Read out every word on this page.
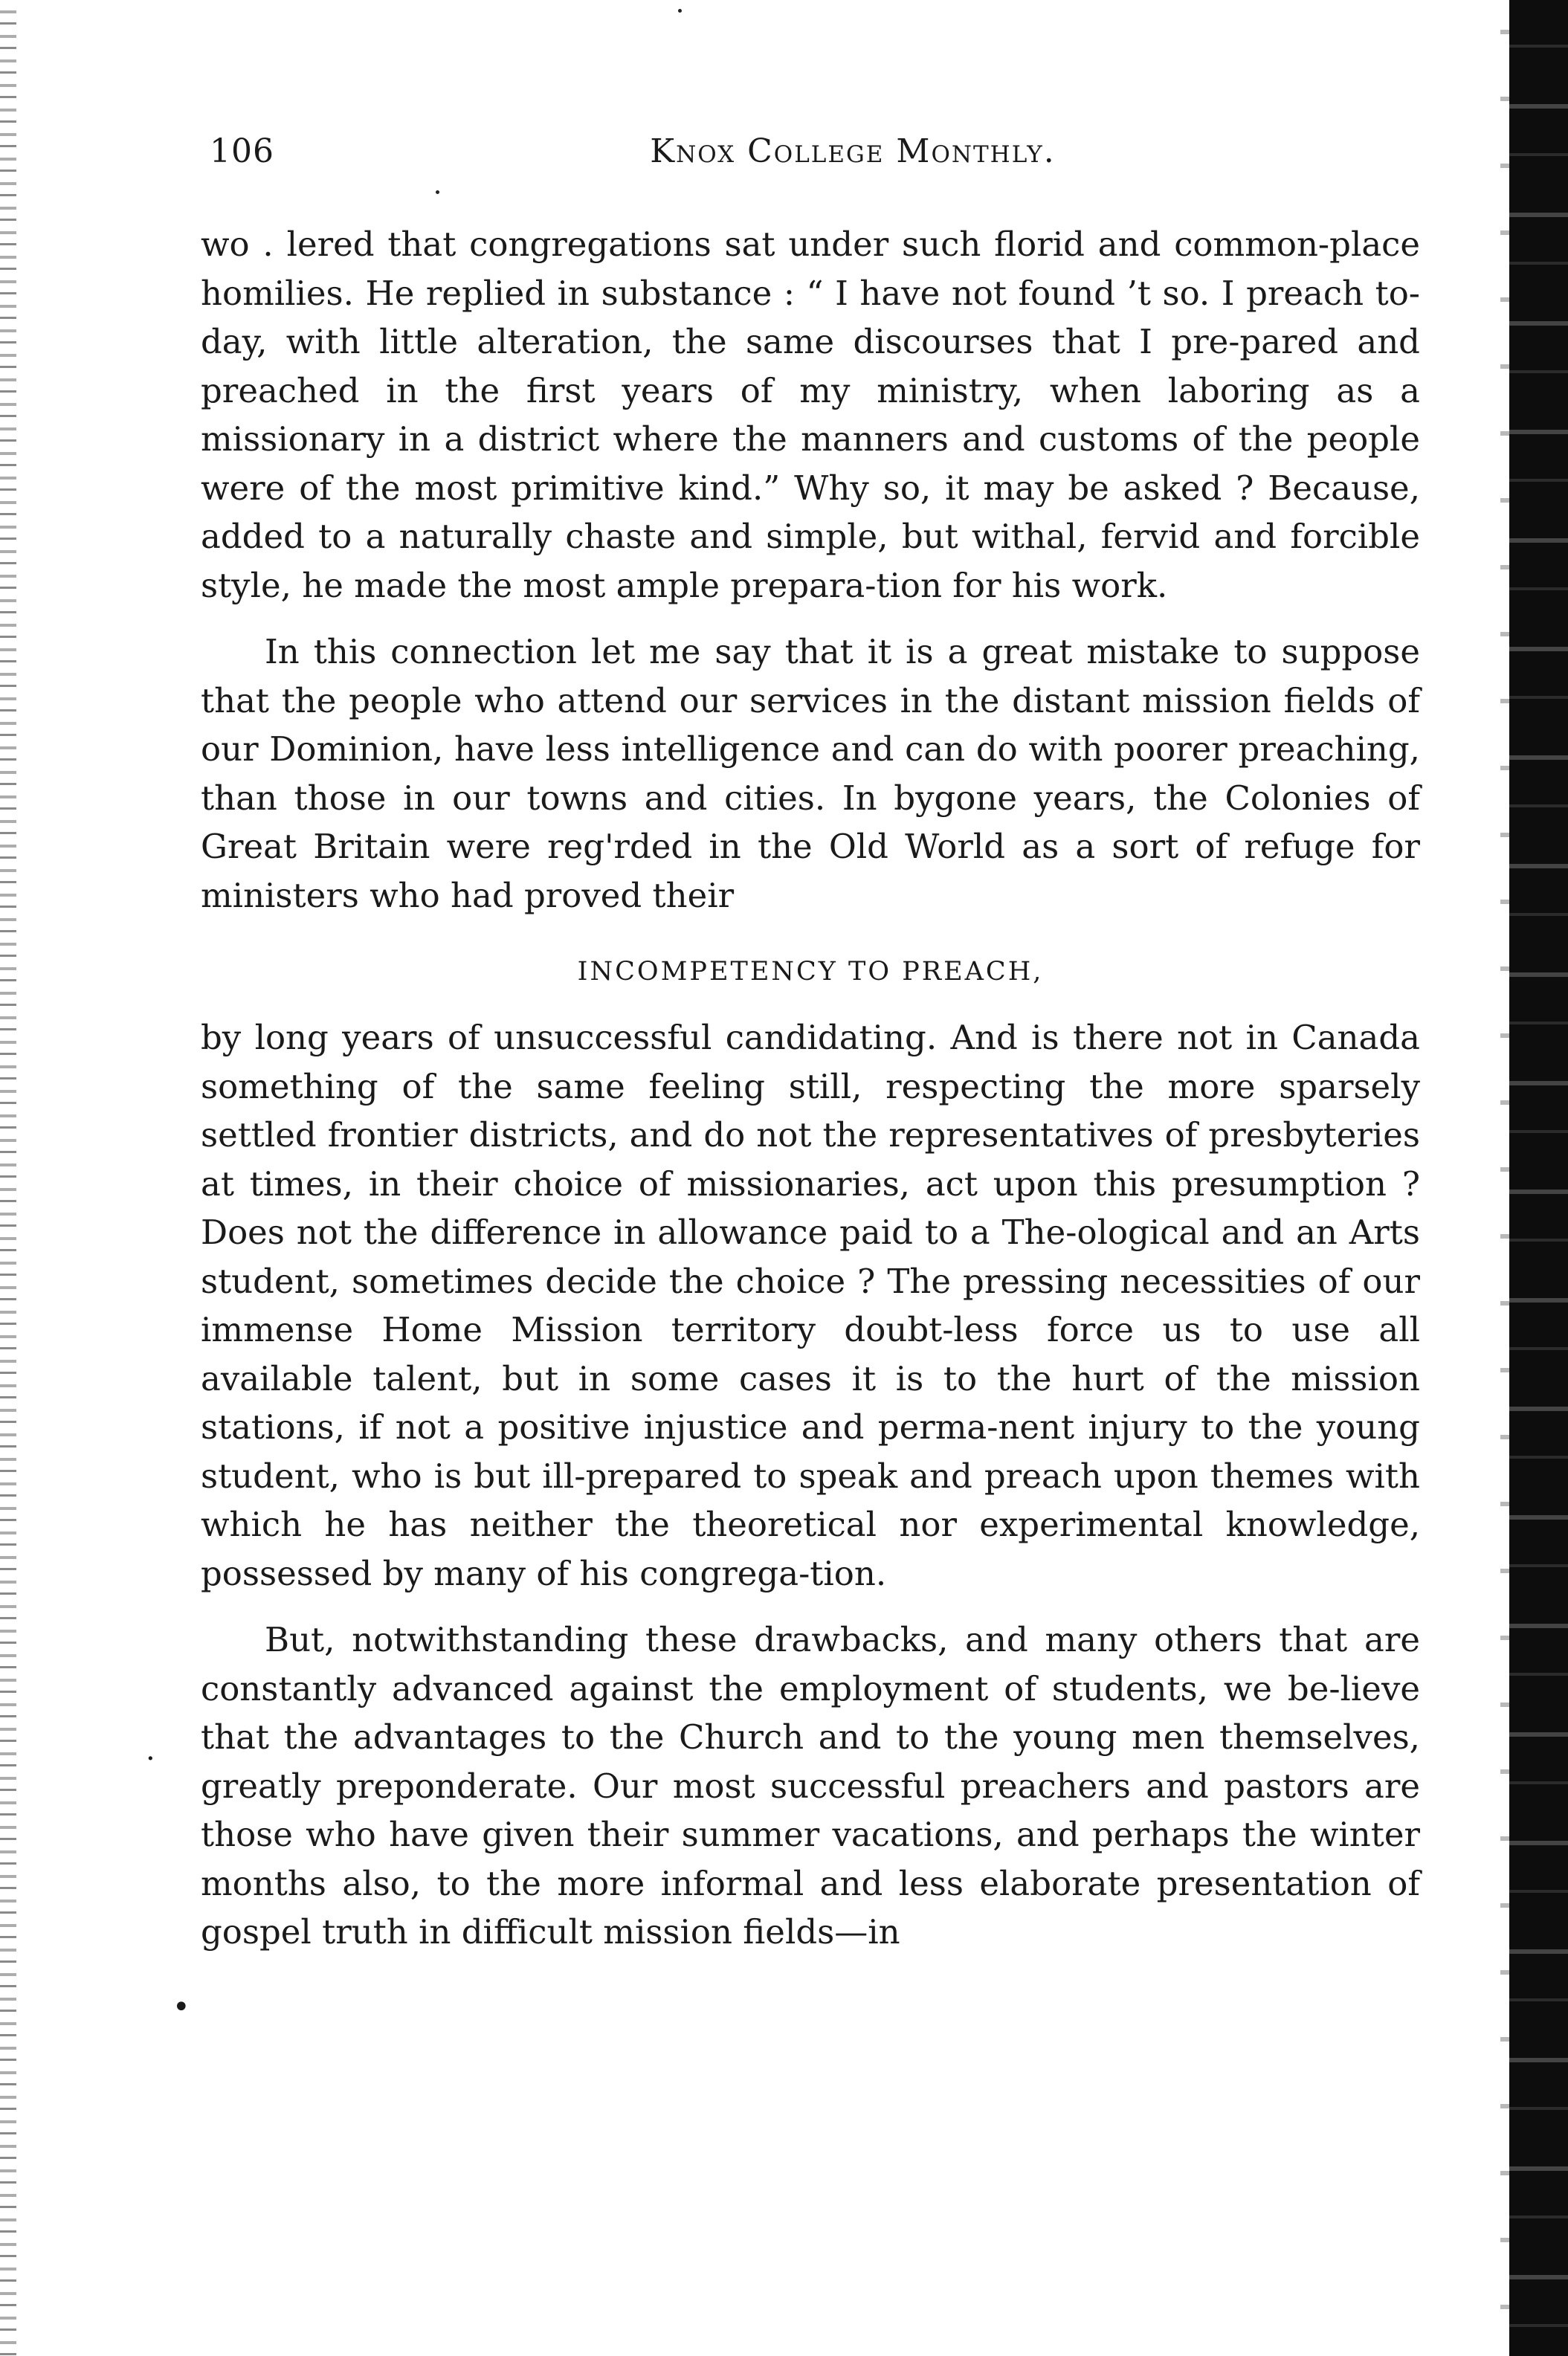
106	Knox College Monthly.

wo . lered that congregations sat under such florid and common-place homilies. He replied in substance : “ I have not found ’t so. I preach to-day, with little alteration, the same discourses that I pre-pared and preached in the first years of my ministry, when laboring as a missionary in a district where the manners and customs of the people were of the most primitive kind.” Why so, it may be asked ? Because, added to a naturally chaste and simple, but withal, fervid and forcible style, he made the most ample prepara-tion for his work.

In this connection let me say that it is a great mistake to suppose that the people who attend our services in the distant mission fields of our Dominion, have less intelligence and can do with poorer preaching, than those in our towns and cities. In bygone years, the Colonies of Great Britain were reg'rded in the Old World as a sort of refuge for ministers who had proved their

INCOMPETENCY TO PREACH,

by long years of unsuccessful candidating. And is there not in Canada something of the same feeling still, respecting the more sparsely settled frontier districts, and do not the representatives of presbyteries at times, in their choice of missionaries, act upon this presumption ? Does not the difference in allowance paid to a The-ological and an Arts student, sometimes decide the choice ? The pressing necessities of our immense Home Mission territory doubt-less force us to use all available talent, but in some cases it is to the hurt of the mission stations, if not a positive injustice and perma-nent injury to the young student, who is but ill-prepared to speak and preach upon themes with which he has neither the theoretical nor experimental knowledge, possessed by many of his congrega-tion.

But, notwithstanding these drawbacks, and many others that are constantly advanced against the employment of students, we be-lieve that the advantages to the Church and to the young men themselves, greatly preponderate. Our most successful preachers and pastors are those who have given their summer vacations, and perhaps the winter months also, to the more informal and less elaborate presentation of gospel truth in difficult mission fields—in

·
•
